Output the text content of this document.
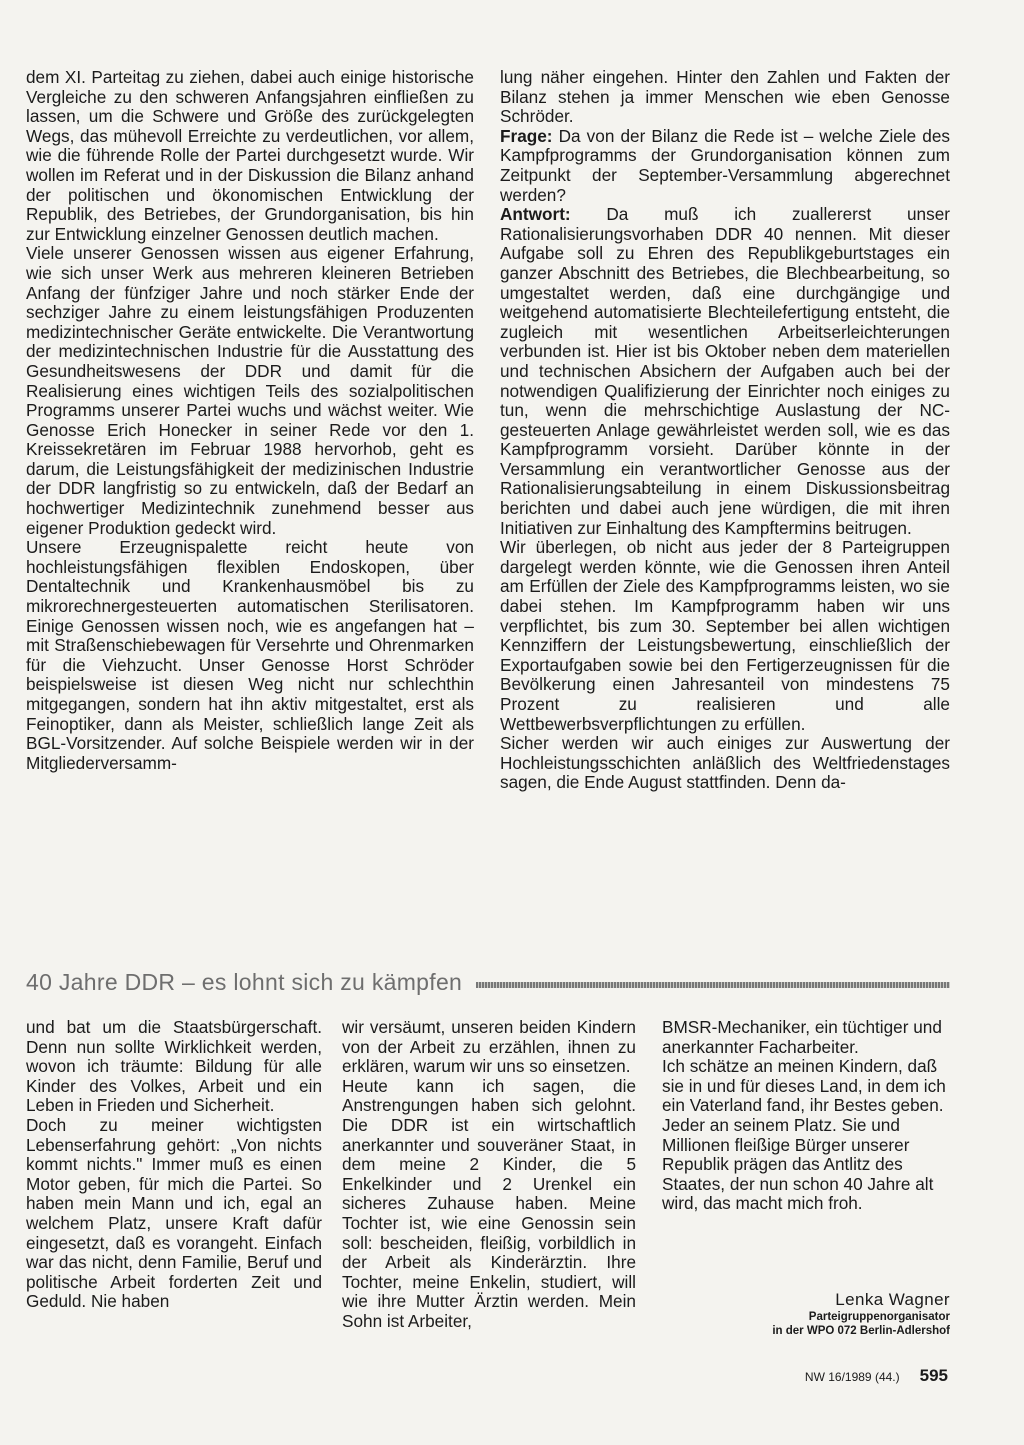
dem XI. Parteitag zu ziehen, dabei auch einige historische Vergleiche zu den schweren Anfangsjahren einfließen zu lassen, um die Schwere und Größe des zurückgelegten Wegs, das mühevoll Erreichte zu verdeutlichen, vor allem, wie die führende Rolle der Partei durchgesetzt wurde. Wir wollen im Referat und in der Diskussion die Bilanz anhand der politischen und ökonomischen Entwicklung der Republik, des Betriebes, der Grundorganisation, bis hin zur Entwicklung einzelner Genossen deutlich machen.

Viele unserer Genossen wissen aus eigener Erfahrung, wie sich unser Werk aus mehreren kleineren Betrieben Anfang der fünfziger Jahre und noch stärker Ende der sechziger Jahre zu einem leistungsfähigen Produzenten medizintechnischer Geräte entwickelte. Die Verantwortung der medizintechnischen Industrie für die Ausstattung des Gesundheitswesens der DDR und damit für die Realisierung eines wichtigen Teils des sozialpolitischen Programms unserer Partei wuchs und wächst weiter. Wie Genosse Erich Honecker in seiner Rede vor den 1. Kreissekretären im Februar 1988 hervorhob, geht es darum, die Leistungsfähigkeit der medizinischen Industrie der DDR langfristig so zu entwickeln, daß der Bedarf an hochwertiger Medizintechnik zunehmend besser aus eigener Produktion gedeckt wird.

Unsere Erzeugnispalette reicht heute von hochleistungsfähigen flexiblen Endoskopen, über Dentaltechnik und Krankenhausmöbel bis zu mikrorechnergesteuerten automatischen Sterilisatoren. Einige Genossen wissen noch, wie es angefangen hat – mit Straßenschiebewagen für Versehrte und Ohrenmarken für die Viehzucht. Unser Genosse Horst Schröder beispielsweise ist diesen Weg nicht nur schlechthin mitgegangen, sondern hat ihn aktiv mitgestaltet, erst als Feinoptiker, dann als Meister, schließlich lange Zeit als BGL-Vorsitzender. Auf solche Beispiele werden wir in der Mitgliederversamm-

lung näher eingehen. Hinter den Zahlen und Fakten der Bilanz stehen ja immer Menschen wie eben Genosse Schröder.

Frage: Da von der Bilanz die Rede ist – welche Ziele des Kampfprogramms der Grundorganisation können zum Zeitpunkt der September-Versammlung abgerechnet werden?

Antwort: Da muß ich zuallererst unser Rationalisierungsvorhaben DDR 40 nennen. Mit dieser Aufgabe soll zu Ehren des Republikgeburtstages ein ganzer Abschnitt des Betriebes, die Blechbearbeitung, so umgestaltet werden, daß eine durchgängige und weitgehend automatisierte Blechteilefertigung entsteht, die zugleich mit wesentlichen Arbeitserleichterungen verbunden ist. Hier ist bis Oktober neben dem materiellen und technischen Absichern der Aufgaben auch bei der notwendigen Qualifizierung der Einrichter noch einiges zu tun, wenn die mehrschichtige Auslastung der NC-gesteuerten Anlage gewährleistet werden soll, wie es das Kampfprogramm vorsieht. Darüber könnte in der Versammlung ein verantwortlicher Genosse aus der Rationalisierungsabteilung in einem Diskussionsbeitrag berichten und dabei auch jene würdigen, die mit ihren Initiativen zur Einhaltung des Kampftermins beitrugen.

Wir überlegen, ob nicht aus jeder der 8 Parteigruppen dargelegt werden könnte, wie die Genossen ihren Anteil am Erfüllen der Ziele des Kampfprogramms leisten, wo sie dabei stehen. Im Kampfprogramm haben wir uns verpflichtet, bis zum 30. September bei allen wichtigen Kennziffern der Leistungsbewertung, einschließlich der Exportaufgaben sowie bei den Fertigerzeugnissen für die Bevölkerung einen Jahresanteil von mindestens 75 Prozent zu realisieren und alle Wettbewerbsverpflichtungen zu erfüllen.

Sicher werden wir auch einiges zur Auswertung der Hochleistungsschichten anläßlich des Weltfriedenstages sagen, die Ende August stattfinden. Denn da-

40 Jahre DDR – es lohnt sich zu kämpfen

und bat um die Staatsbürgerschaft. Denn nun sollte Wirklichkeit werden, wovon ich träumte: Bildung für alle Kinder des Volkes, Arbeit und ein Leben in Frieden und Sicherheit.

Doch zu meiner wichtigsten Lebenserfahrung gehört: „Von nichts kommt nichts." Immer muß es einen Motor geben, für mich die Partei. So haben mein Mann und ich, egal an welchem Platz, unsere Kraft dafür eingesetzt, daß es vorangeht. Einfach war das nicht, denn Familie, Beruf und politische Arbeit forderten Zeit und Geduld. Nie haben

wir versäumt, unseren beiden Kindern von der Arbeit zu erzählen, ihnen zu erklären, warum wir uns so einsetzen.

Heute kann ich sagen, die Anstrengungen haben sich gelohnt. Die DDR ist ein wirtschaftlich anerkannter und souveräner Staat, in dem meine 2 Kinder, die 5 Enkelkinder und 2 Urenkel ein sicheres Zuhause haben. Meine Tochter ist, wie eine Genossin sein soll: bescheiden, fleißig, vorbildlich in der Arbeit als Kinderärztin. Ihre Tochter, meine Enkelin, studiert, will wie ihre Mutter Ärztin werden. Mein Sohn ist Arbeiter,

BMSR-Mechaniker, ein tüchtiger und anerkannter Facharbeiter.

Ich schätze an meinen Kindern, daß sie in und für dieses Land, in dem ich ein Vaterland fand, ihr Bestes geben. Jeder an seinem Platz. Sie und Millionen fleißige Bürger unserer Republik prägen das Antlitz des Staates, der nun schon 40 Jahre alt wird, das macht mich froh.

Lenka Wagner
Parteigruppenorganisator
in der WPO 072 Berlin-Adlershof
NW 16/1989 (44.) 595
